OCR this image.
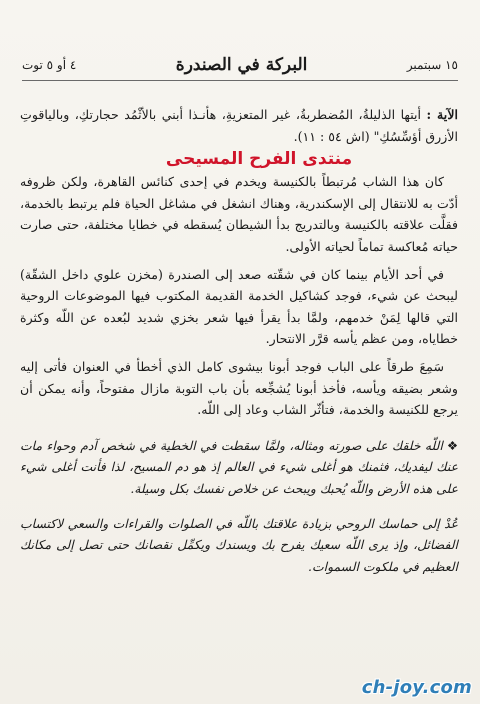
١٥ سبتمبر
البركة في الصندرة
٤ أو ٥ توت

الآية : أيتها الذليلةُ، المُضطربةُ، غير المتعزيةِ، هأنـذا أبني بالأثْمُد حجارتكِ، وبالياقوتِ الأزرق أؤسِّسُكِ" (اش ٥٤ : ١١).

منتدى الفرح المسيحى

كان هذا الشاب مُرتبطاً بالكنيسة ويخدم في إحدى كنائس القاهرة، ولكن ظروفه أدّت به للانتقال إلى الإسكندرية، وهناك انشغل في مشاغل الحياة فلم يرتبط بالخدمة، فقلَّت علاقته بالكنيسة وبالتدريج بدأ الشيطان يُسقطه في خطايا مختلفة، حتى صارت حياته مُعاكسة تماماً لحياته الأولى.

في أحد الأيام بينما كان في شقّته صعد إلى الصندرة (مخزن علوي داخل الشقّة) ليبحث عن شيء، فوجد كشاكيل الخدمة القديمة المكتوب فيها الموضوعات الروحية التي قالها لِمَنْ خدمهم، ولمَّا بدأ يقرأ فيها شعر بخزي شديد لبُعده عن اللّه وكثرة خطاياه، ومن عظم يأسه قرَّر الانتحار.

سَمِعَ طرقاً على الباب فوجد أبونا بيشوى كامل الذي أخطأ في العنوان فأتى إليه وشعر بضيقه ويأسه، فأخذ أبونا يُشجِّعه بأن باب التوبة مازال مفتوحاً، وأنه يمكن أن يرجع للكنيسة والخدمة، فتأثّر الشاب وعاد إلى اللّه.

❖اللّه خلقك على صورته ومثاله، ولمَّا سقطت في الخطية في شخص آدم وحواء مات عنك ليفديك، فثمنك هو أغلى شيء في العالم إذ هو دم المسيح، لذا فأنت أغلى شيء على هذه الأرض واللّه يُحبك ويبحث عن خلاص نفسك بكل وسيلة.

عُدْ إلى حماسك الروحي بزيادة علاقتك باللّه في الصلوات والقراءات والسعي لاكتساب الفضائل، وإذ يرى اللّه سعيك يفرح بك ويسندك ويكمِّل نقصانك حتى تصل إلى مكانك العظيم في ملكوت السموات.

ch-joy.com
